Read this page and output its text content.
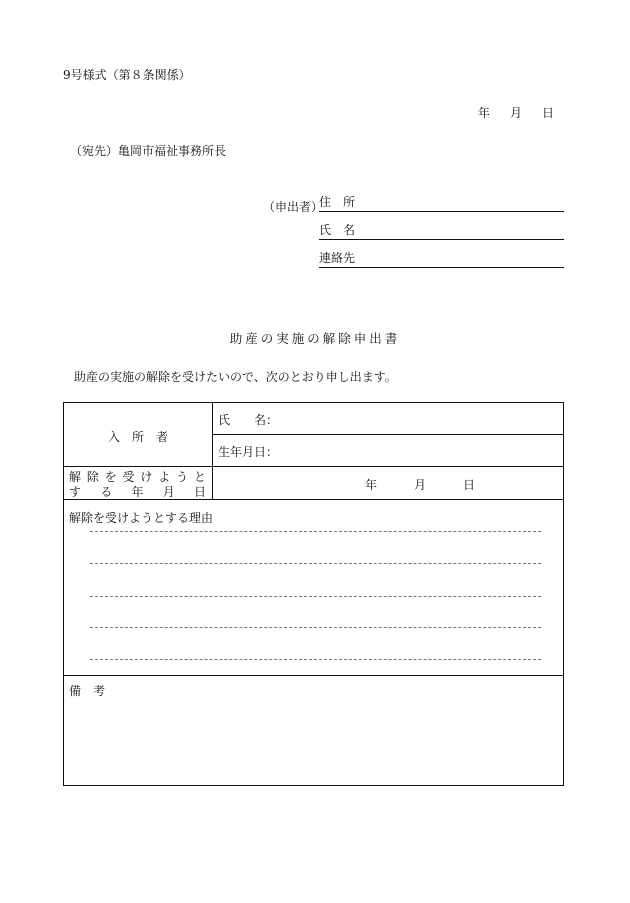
9号様式（第８条関係）
年 月 日
（宛先）亀岡市福祉事務所長
（申出者）
住　所
氏　名
連絡先
助産の実施の解除申出書
助産の実施の解除を受けたいので、次のとおり申し出ます。
入　所　者
氏　　名：
生年月日：
解 除 を 受 け よ う と
す る 年 月 日	年	月	日
解除を受けようとする理由
備　考
